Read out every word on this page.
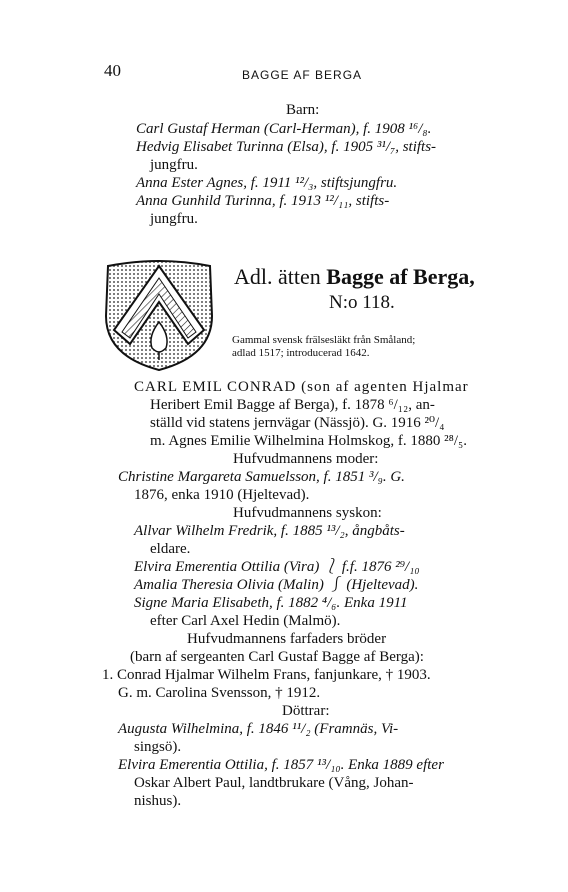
40	BAGGE AF BERGA
Barn:
Carl Gustaf Herman (Carl-Herman), f. 1908 ¹⁶/₈.
Hedvig Elisabet Turinna (Elsa), f. 1905 ³¹/₇, stifts-
jungfru.
Anna Ester Agnes, f. 1911 ¹²/₃, stiftsjungfru.
Anna Gunhild Turinna, f. 1913 ¹²/₁₁, stifts-
jungfru.
Adl. ätten Bagge af Berga,
N:o 118.
Gammal svensk frälsesläkt från Småland;
adlad 1517; introducerad 1642.
CARL EMIL CONRAD (son af agenten Hjalmar
Heribert Emil Bagge af Berga), f. 1878 ⁶/₁₂, an-
ställd vid statens jernvägar (Nässjö). G. 1916 ²⁰/₄
m. Agnes Emilie Wilhelmina Holmskog, f. 1880 ²⁸/₅.
Hufvudmannens moder:
Christine Margareta Samuelsson, f. 1851 ³/₉. G.
1876, enka 1910 (Hjeltevad).
Hufvudmannens syskon:
Allvar Wilhelm Fredrik, f. 1885 ¹³/₂, ångbåts-
eldare.
Elvira Emerentia Ottilia (Vira) ⎱ f.f. 1876 ²⁹/₁₀
Amalia Theresia Olivia (Malin) ⎰ (Hjeltevad).
Signe Maria Elisabeth, f. 1882 ⁴/₆. Enka 1911
efter Carl Axel Hedin (Malmö).
Hufvudmannens farfaders bröder
(barn af sergeanten Carl Gustaf Bagge af Berga):
1. Conrad Hjalmar Wilhelm Frans, fanjunkare, † 1903.
G. m. Carolina Svensson, † 1912.
Döttrar:
Augusta Wilhelmina, f. 1846 ¹¹/₂ (Framnäs, Vi-
singsö).
Elvira Emerentia Ottilia, f. 1857 ¹³/₁₀. Enka 1889 efter
Oskar Albert Paul, landtbrukare (Vång, Johan-
nishus).
